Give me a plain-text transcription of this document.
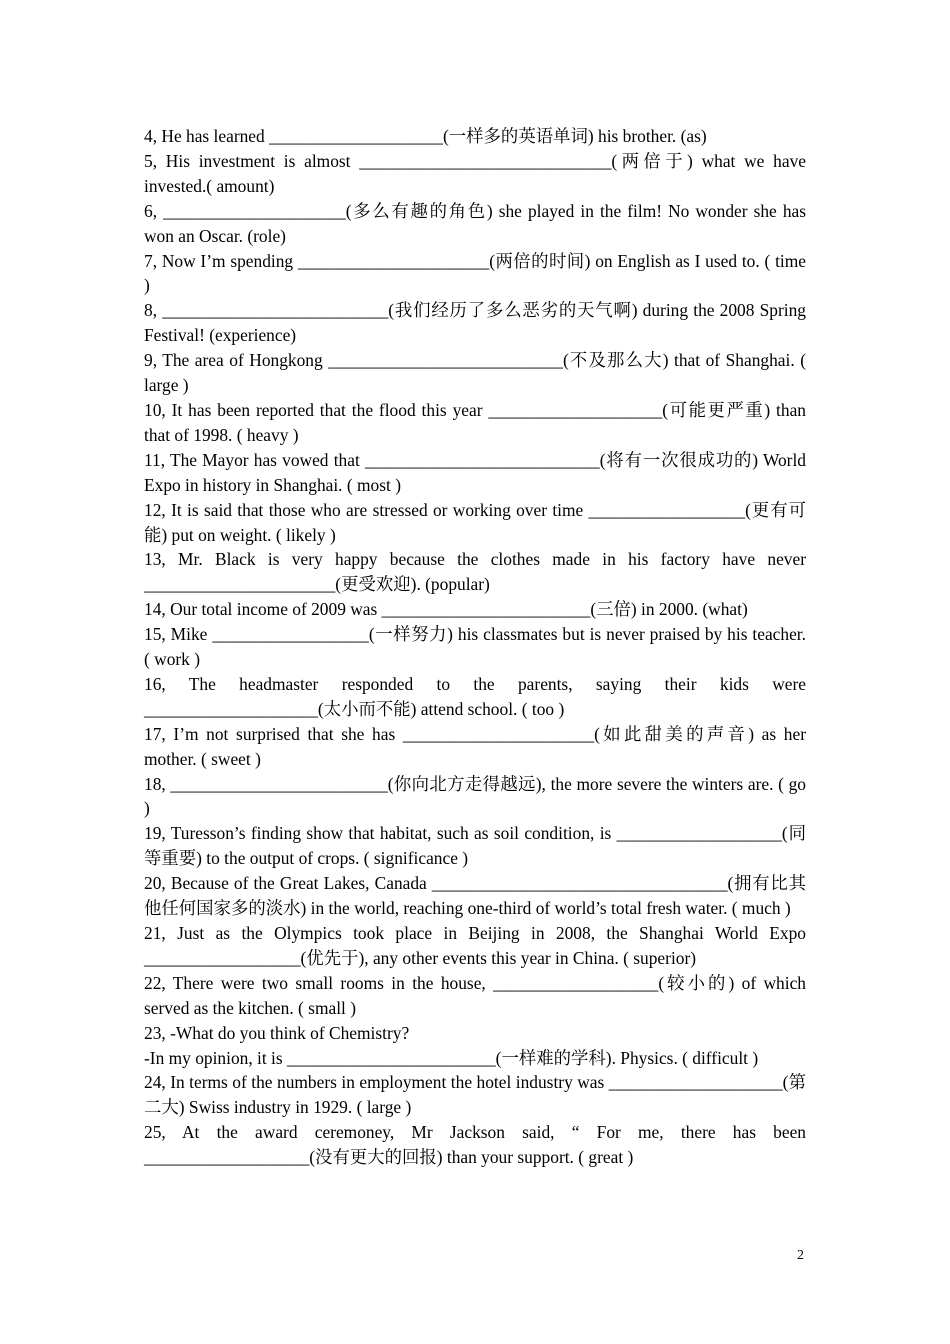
4, He has learned ____________________(一样多的英语单词) his brother. (as)

5, His investment is almost _____________________________(两倍于) what we have invested.( amount)

6, _____________________(多么有趣的角色) she played in the film! No wonder she has won an Oscar. (role)

7, Now I’m spending ______________________(两倍的时间) on English as I used to. ( time )

8, __________________________(我们经历了多么恶劣的天气啊) during the 2008 Spring Festival! (experience)

9, The area of Hongkong ___________________________(不及那么大) that of Shanghai. ( large )

10, It has been reported that the flood this year ____________________(可能更严重) than that of 1998. ( heavy )

11, The Mayor has vowed that ___________________________(将有一次很成功的) World Expo in history in Shanghai. ( most )

12, It is said that those who are stressed or working over time __________________(更有可能) put on weight. ( likely )

13, Mr. Black is very happy because the clothes made in his factory have never ______________________(更受欢迎). (popular)

14, Our total income of 2009 was ________________________(三倍) in 2000. (what)

15, Mike __________________(一样努力) his classmates but is never praised by his teacher. ( work )

16, The headmaster responded to the parents, saying their kids were ____________________(太小而不能) attend school. ( too )

17, I’m not surprised that she has ______________________(如此甜美的声音) as her mother. ( sweet )

18, _________________________(你向北方走得越远), the more severe the winters are. ( go )

19, Turesson’s finding show that habitat, such as soil condition, is ___________________(同等重要) to the output of crops. ( significance )

20, Because of the Great Lakes, Canada __________________________________(拥有比其他任何国家多的淡水) in the world, reaching one-third of world’s total fresh water. ( much )

21, Just as the Olympics took place in Beijing in 2008, the Shanghai World Expo __________________(优先于), any other events this year in China. ( superior)

22, There were two small rooms in the house, ___________________(较小的) of which served as the kitchen. ( small )

23, -What do you think of Chemistry?

-In my opinion, it is ________________________(一样难的学科). Physics. ( difficult )

24, In terms of the numbers in employment the hotel industry was ____________________(第二大) Swiss industry in 1929. ( large )

25, At the award ceremoney, Mr Jackson said, “ For me, there has been ___________________(没有更大的回报) than your support. ( great )

2
